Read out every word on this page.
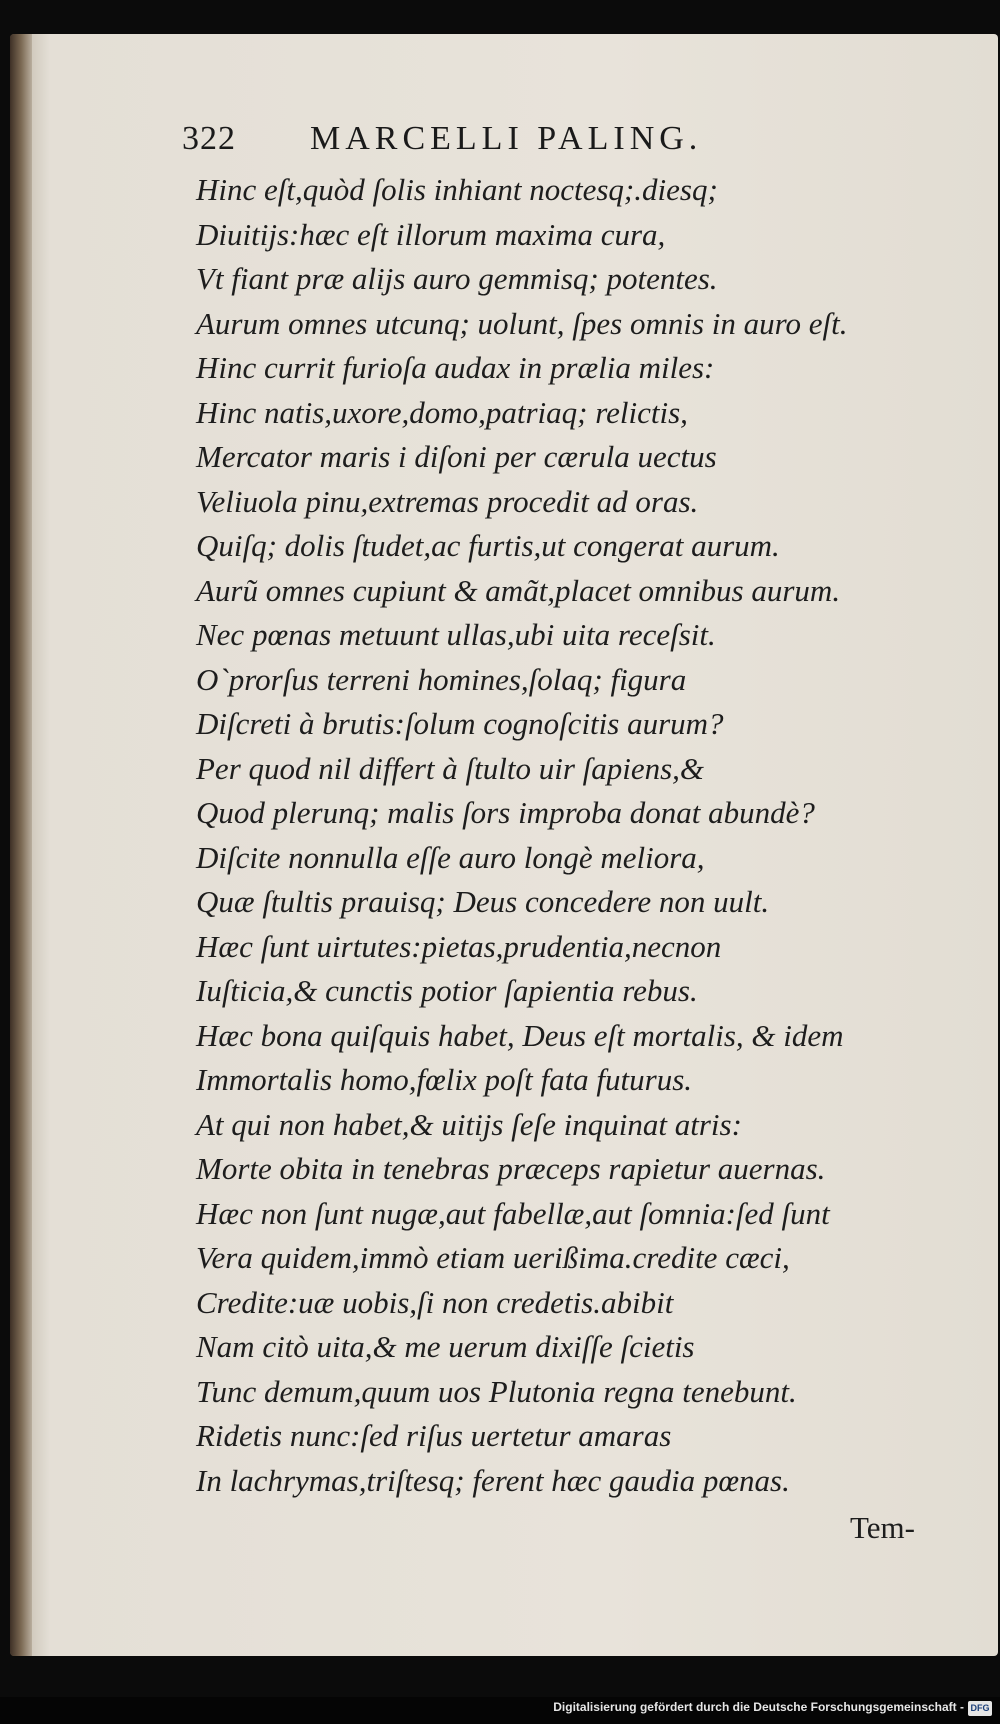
322 MARCELLI PALING.
Hinc eſt,quòd ſolis inhiant noctesq;.diesq;
Diuitijs:hæc eſt illorum maxima cura,
Vt fiant præ alijs auro gemmisq; potentes.
Aurum omnes utcunq; uolunt, ſpes omnis in auro eſt.
Hinc currit furioſa audax in prælia miles:
Hinc natis,uxore,domo,patriaq; relictis,
Mercator maris i diſoni per cærula uectus
Veliuola pinu,extremas procedit ad oras.
Quiſq; dolis ſtudet,ac furtis,ut congerat aurum.
Aurũ omnes cupiunt & amãt,placet omnibus aurum.
Nec pœnas metuunt ullas,ubi uita receſsit.
O`prorſus terreni homines,ſolaq; figura
Diſcreti à brutis:ſolum cognoſcitis aurum?
Per quod nil differt à ſtulto uir ſapiens,&
Quod plerunq; malis ſors improba donat abundè?
Diſcite nonnulla eſſe auro longè meliora,
Quæ ſtultis prauisq; Deus concedere non uult.
Hæc ſunt uirtutes:pietas,prudentia,necnon
Iuſticia,& cunctis potior ſapientia rebus.
Hæc bona quiſquis habet, Deus eſt mortalis, & idem
Immortalis homo,fœlix poſt fata futurus.
At qui non habet,& uitijs ſeſe inquinat atris:
Morte obita in tenebras præceps rapietur auernas.
Hæc non ſunt nugæ,aut fabellæ,aut ſomnia:ſed ſunt
Vera quidem,immò etiam uerißima.credite cæci,
Credite:uæ uobis,ſi non credetis.abibit
Nam citò uita,& me uerum dixiſſe ſcietis
Tunc demum,quum uos Plutonia regna tenebunt.
Ridetis nunc:ſed riſus uertetur amaras
In lachrymas,triſtesq; ferent hæc gaudia pœnas.
Tem-
Digitalisierung gefördert durch die Deutsche Forschungsgemeinschaft - DFG
